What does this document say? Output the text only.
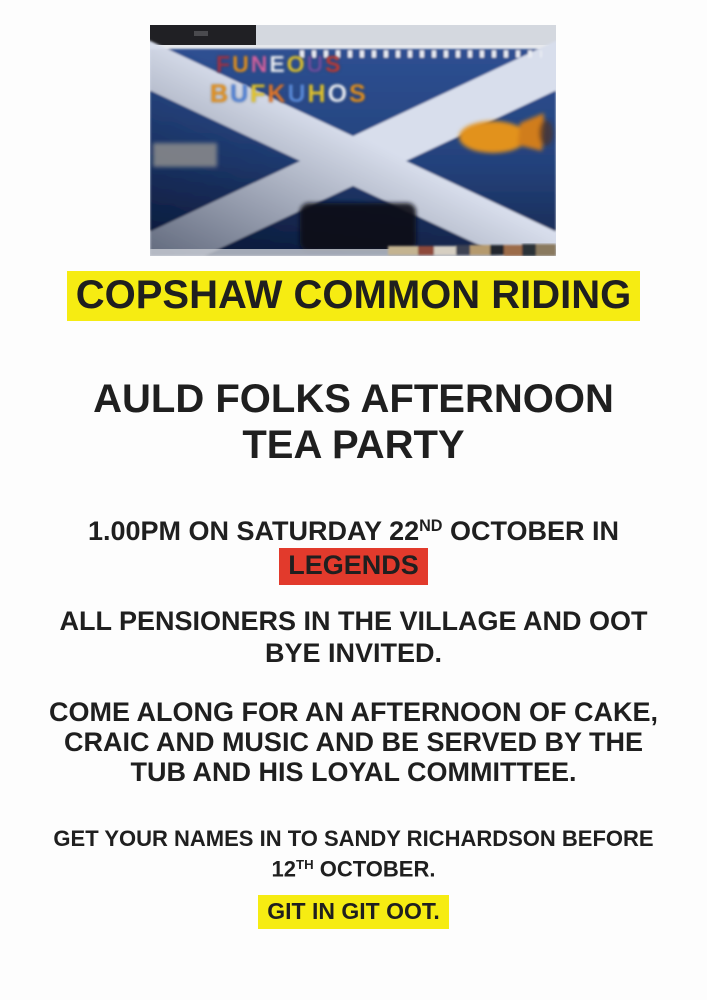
FUNEOUS
BUFKUHOS
COPSHAW COMMON RIDING
AULD FOLKS AFTERNOON
TEA PARTY
1.00PM ON SATURDAY 22ND OCTOBER IN
LEGENDS
ALL PENSIONERS IN THE VILLAGE AND OOT
BYE INVITED.
COME ALONG FOR AN AFTERNOON OF CAKE,
CRAIC AND MUSIC AND BE SERVED BY THE
TUB AND HIS LOYAL COMMITTEE.
GET YOUR NAMES IN TO SANDY RICHARDSON BEFORE
12TH OCTOBER.
GIT IN GIT OOT.
